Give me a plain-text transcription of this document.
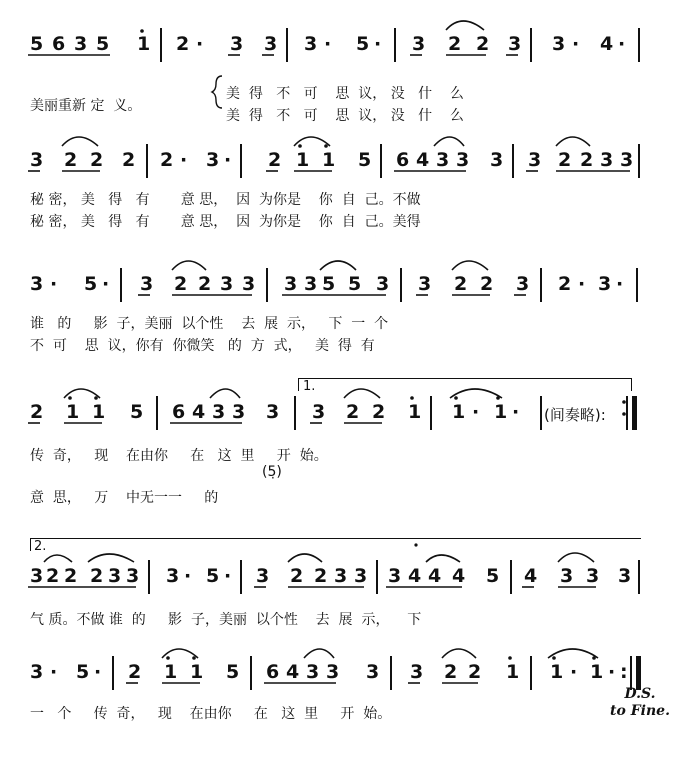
5 6 3 5 1 2 · 3 3 3 · 5 · 3 2 2 3 3 · 4 ·

美丽重新 定  义。

美  得   不   可    思  议， 没   什    么

美  得   不   可    思  议， 没   什    么

3 2 2 2 2 · 3 · 2 1 1 5 6 4 3 3 3 3 2 2 3 3

秘 密， 美   得   有       意 思，  因  为你是    你  自  己。不做

秘 密， 美   得   有       意 思，  因  为你是    你  自  己。美得

3 · 5 · 3 2 2 3 3 3 3 5 5 3 3 2 2 3 2 · 3 ·

谁   的     影  子，美丽  以个性    去  展  示，   下  一  个

不  可    思  议，你有  你微笑   的  方  式，   美  得  有

1.
2 1 1 5 6 4 3 3 3 3 2 2 1 1 · 1 · (间奏略):

传  奇，   现    在由你     在   这  里     开  始。

(5̣)

意  思，   万    中无一一     的

2.
3 2 2 2 3 3 3 · 5 · 3 2 2 3 3 3 4 4 4 5 4 3 3 3

气 质。不做 谁  的     影  子，美丽  以个性    去  展  示，    下

3 · 5 · 2 1 1 5 6 4 3 3 3 3 2 2 1 1 · 1 · :

一   个     传  奇，   现    在由你     在   这  里     开  始。

D.S.
to Fine.
